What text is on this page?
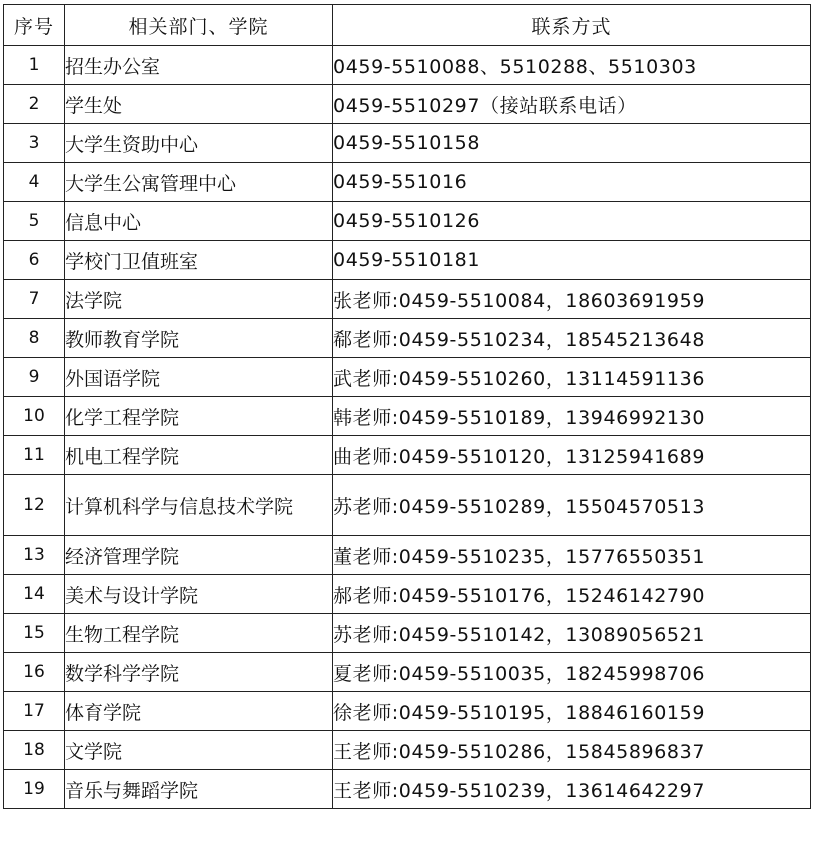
序号	相关部门、学院	联系方式
1	招生办公室	0459-5510088、5510288、5510303
2	学生处	0459-5510297（接站联系电话）
3	大学生资助中心	0459-5510158
4	大学生公寓管理中心	0459-551016
5	信息中心	0459-5510126
6	学校门卫值班室	0459-5510181
7	法学院	张老师:0459-5510084，18603691959
8	教师教育学院	郗老师:0459-5510234，18545213648
9	外国语学院	武老师:0459-5510260，13114591136
10	化学工程学院	韩老师:0459-5510189，13946992130
11	机电工程学院	曲老师:0459-5510120，13125941689
12	计算机科学与信息技术学院	苏老师:0459-5510289，15504570513
13	经济管理学院	董老师:0459-5510235，15776550351
14	美术与设计学院	郝老师:0459-5510176，15246142790
15	生物工程学院	苏老师:0459-5510142，13089056521
16	数学科学学院	夏老师:0459-5510035，18245998706
17	体育学院	徐老师:0459-5510195，18846160159
18	文学院	王老师:0459-5510286，15845896837
19	音乐与舞蹈学院	王老师:0459-5510239，13614642297
